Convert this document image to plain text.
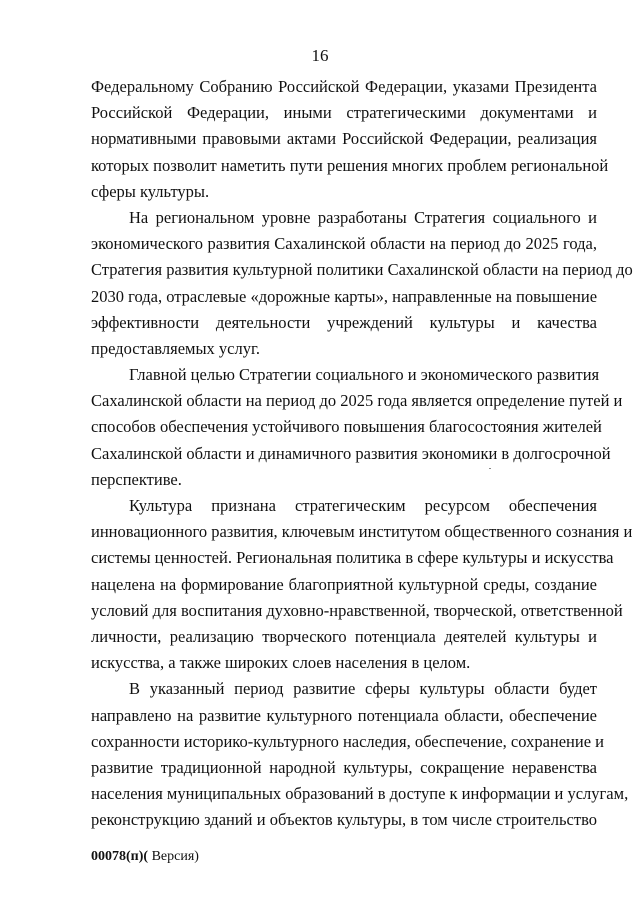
16
Федеральному Собранию Российской Федерации, указами Президента
Российской Федерации, иными стратегическими документами и
нормативными правовыми актами Российской Федерации, реализация
которых позволит наметить пути решения многих проблем региональной
сферы культуры.
На региональном уровне разработаны Стратегия социального и
экономического развития Сахалинской области на период до 2025 года,
Стратегия развития культурной политики Сахалинской области на период до
2030 года, отраслевые «дорожные карты», направленные на повышение
эффективности деятельности учреждений культуры и качества
предоставляемых услуг.
Главной целью Стратегии социального и экономического развития
Сахалинской области на период до 2025 года является определение путей и
способов обеспечения устойчивого повышения благосостояния жителей
Сахалинской области и динамичного развития экономики в долгосрочной
перспективе.
Культура признана стратегическим ресурсом обеспечения
инновационного развития, ключевым институтом общественного сознания и
системы ценностей. Региональная политика в сфере культуры и искусства
нацелена на формирование благоприятной культурной среды, создание
условий для воспитания духовно-нравственной, творческой, ответственной
личности, реализацию творческого потенциала деятелей культуры и
искусства, а также широких слоев населения в целом.
В указанный период развитие сферы культуры области будет
направлено на развитие культурного потенциала области, обеспечение
сохранности историко-культурного наследия, обеспечение, сохранение и
развитие традиционной народной культуры, сокращение неравенства
населения муниципальных образований в доступе к информации и услугам,
реконструкцию зданий и объектов культуры, в том числе строительство
00078(п)( Версия)
